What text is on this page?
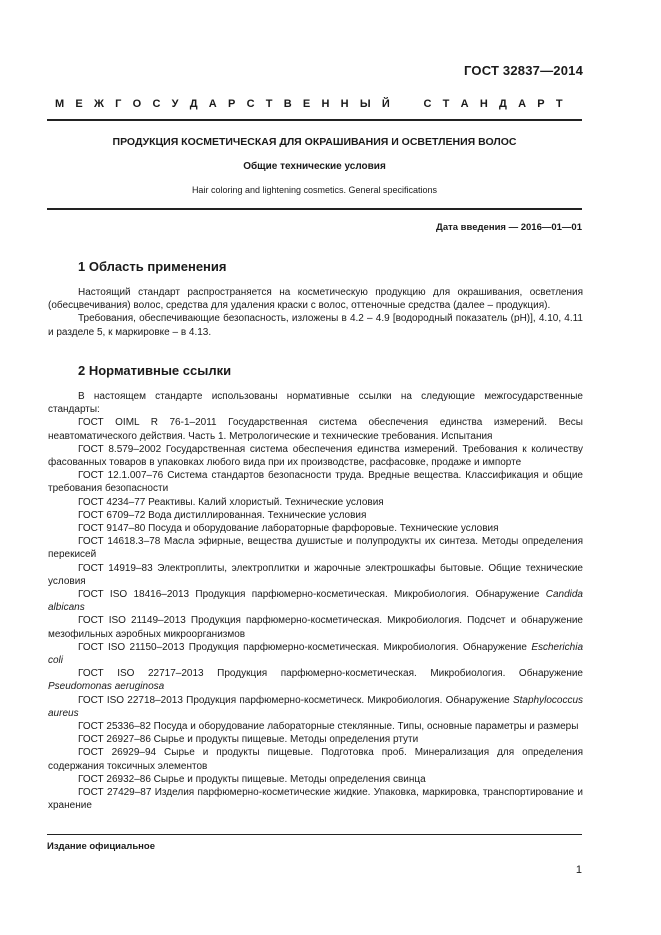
ГОСТ 32837—2014
М Е Ж Г О С У Д А Р С Т В Е Н Н Ы Й	С Т А Н Д А Р Т
ПРОДУКЦИЯ КОСМЕТИЧЕСКАЯ ДЛЯ ОКРАШИВАНИЯ И ОСВЕТЛЕНИЯ ВОЛОС
Общие технические условия
Hair coloring and lightening cosmetics. General specifications
Дата введения — 2016—01—01
1 Область применения

Настоящий стандарт распространяется на косметическую продукцию для окрашивания, осветления (обесцвечивания) волос, средства для удаления краски с волос, оттеночные средства (далее – продукция).

Требования, обеспечивающие безопасность, изложены в 4.2 – 4.9 [водородный показатель (pH)], 4.10, 4.11 и разделе 5, к маркировке – в 4.13.

2 Нормативные ссылки

В настоящем стандарте использованы нормативные ссылки на следующие межгосударственные стандарты:

ГОСТ OIML R 76-1–2011 Государственная система обеспечения единства измерений. Весы неавтоматического действия. Часть 1. Метрологические и технические требования. Испытания

ГОСТ 8.579–2002 Государственная система обеспечения единства измерений. Требования к количеству фасованных товаров в упаковках любого вида при их производстве, расфасовке, продаже и импорте

ГОСТ 12.1.007–76 Система стандартов безопасности труда. Вредные вещества. Классификация и общие требования безопасности

ГОСТ 4234–77 Реактивы. Калий хлористый. Технические условия

ГОСТ 6709–72 Вода дистиллированная. Технические условия

ГОСТ 9147–80 Посуда и оборудование лабораторные фарфоровые. Технические условия

ГОСТ 14618.3–78 Масла эфирные, вещества душистые и полупродукты их синтеза. Методы определения перекисей

ГОСТ 14919–83 Электроплиты, электроплитки и жарочные электрошкафы бытовые. Общие технические условия

ГОСТ ISO 18416–2013 Продукция парфюмерно-косметическая. Микробиология. Обнаружение Candida albicans

ГОСТ ISO 21149–2013 Продукция парфюмерно-косметическая. Микробиология. Подсчет и обнаружение мезофильных аэробных микроорганизмов

ГОСТ ISO 21150–2013 Продукция парфюмерно-косметическая. Микробиология. Обнаружение Escherichia coli

ГОСТ ISO 22717–2013 Продукция парфюмерно-косметическая. Микробиология. Обнаружение Pseudomonas aeruginosa

ГОСТ ISO 22718–2013 Продукция парфюмерно-косметическ. Микробиология. Обнаружение Staphylococcus aureus

ГОСТ 25336–82 Посуда и оборудование лабораторные стеклянные. Типы, основные параметры и размеры

ГОСТ 26927–86 Сырье и продукты пищевые. Методы определения ртути

ГОСТ 26929–94 Сырье и продукты пищевые. Подготовка проб. Минерализация для определения содержания токсичных элементов

ГОСТ 26932–86 Сырье и продукты пищевые. Методы определения свинца

ГОСТ 27429–87 Изделия парфюмерно-косметические жидкие. Упаковка, маркировка, транспортирование и хранение

Издание официальное
1
